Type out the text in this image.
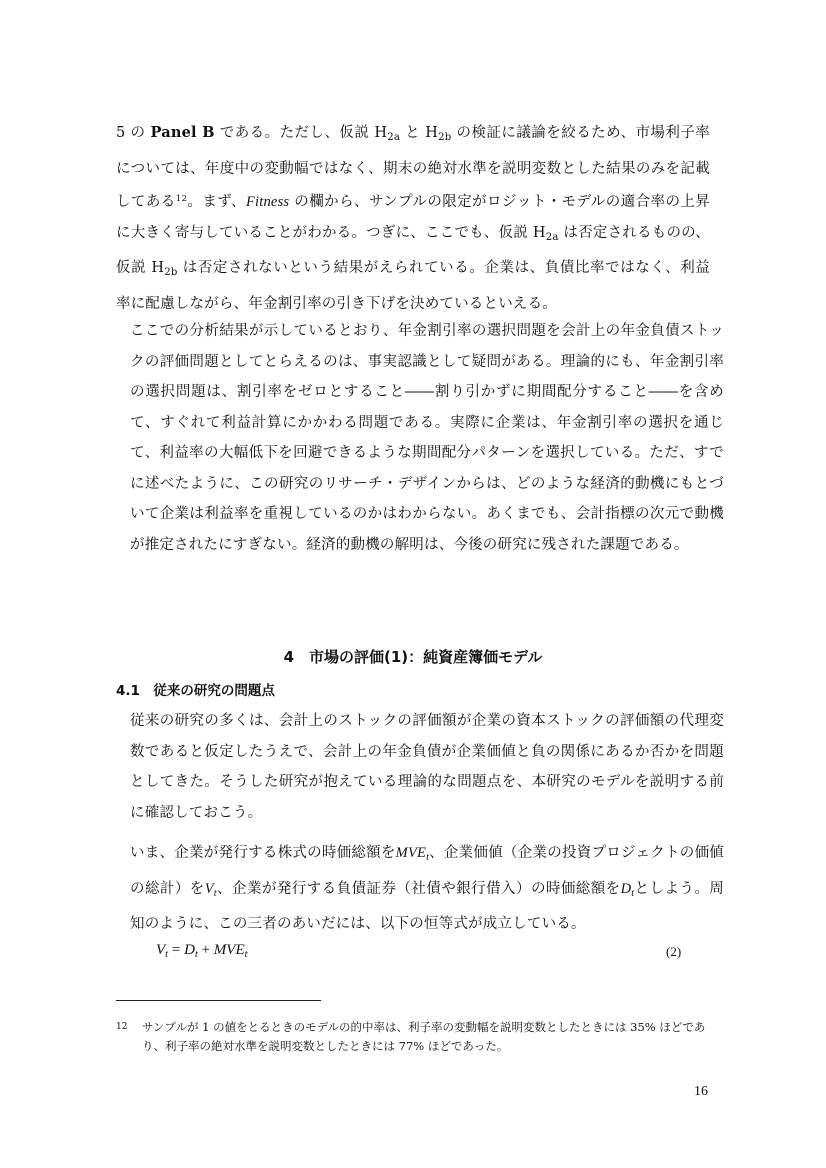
5 の Panel B である。ただし、仮説 $H_{2a}$ と $H_{2b}$ の検証に議論を絞るため、市場利子率については、年度中の変動幅ではなく、期末の絶対水準を説明変数とした結果のみを記載してある$^{12}$。まず、Fitness の欄から、サンプルの限定がロジット・モデルの適合率の上昇に大きく寄与していることがわかる。つぎに、ここでも、仮説 $H_{2a}$ は否定されるものの、仮説 $H_{2b}$ は否定されないという結果がえられている。企業は、負債比率ではなく、利益率に配慮しながら、年金割引率の引き下げを決めているといえる。

ここでの分析結果が示しているとおり、年金割引率の選択問題を会計上の年金負債ストックの評価問題としてとらえるのは、事実認識として疑問がある。理論的にも、年金割引率の選択問題は、割引率をゼロとすること――割り引かずに期間配分すること――を含めて、すぐれて利益計算にかかわる問題である。実際に企業は、年金割引率の選択を通じて、利益率の大幅低下を回避できるような期間配分パターンを選択している。ただ、すでに述べたように、この研究のリサーチ・デザインからは、どのような経済的動機にもとづいて企業は利益率を重視しているのかはわからない。あくまでも、会計指標の次元で動機が推定されたにすぎない。経済的動機の解明は、今後の研究に残された課題である。

4　市場の評価(1)：純資産簿価モデル
4.1　従来の研究の問題点

従来の研究の多くは、会計上のストックの評価額が企業の資本ストックの評価額の代理変数であると仮定したうえで、会計上の年金負債が企業価値と負の関係にあるか否かを問題としてきた。そうした研究が抱えている理論的な問題点を、本研究のモデルを説明する前に確認しておこう。

いま、企業が発行する株式の時価総額を$MVE_t$、企業価値（企業の投資プロジェクトの価値の総計）を$V_t$、企業が発行する負債証券（社債や銀行借入）の時価総額を$D_t$としよう。周知のように、この三者のあいだには、以下の恒等式が成立している。

$V_t = D_t + MVE_t$	(2)

12 サンプルが 1 の値をとるときのモデルの的中率は、利子率の変動幅を説明変数としたときには 35% ほどであり、利子率の絶対水準を説明変数としたときには 77% ほどであった。

16
